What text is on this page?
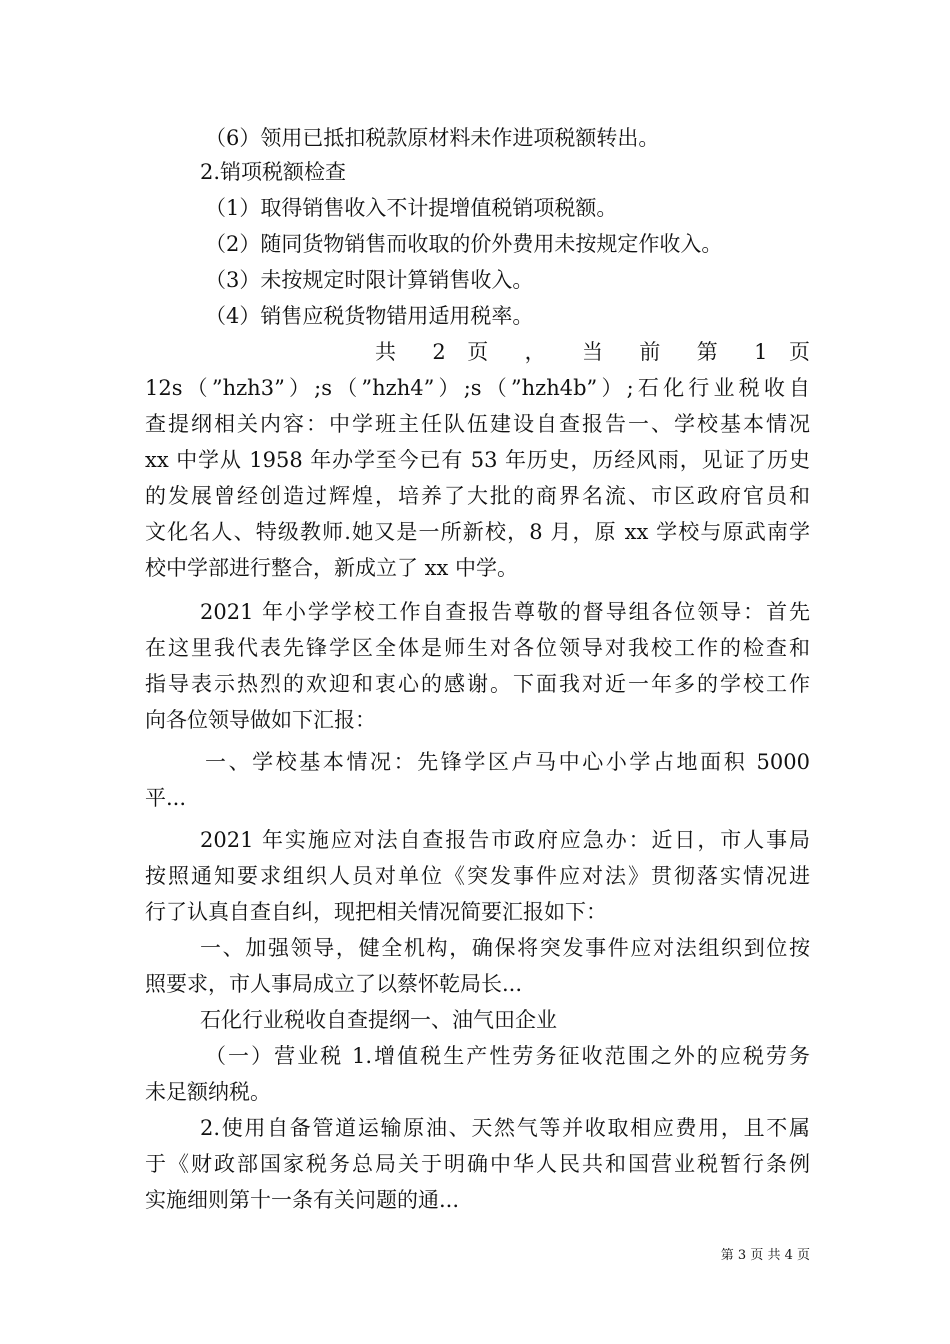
（6）领用已抵扣税款原材料未作进项税额转出。
2.销项税额检查
（1）取得销售收入不计提增值税销项税额。
（2）随同货物销售而收取的价外费用未按规定作收入。
（3）未按规定时限计算销售收入。
（4）销售应税货物错用适用税率。
共 2 页 ， 当 前 第 1 页
12s（”hzh3”）;s（”hzh4”）;s（”hzh4b”）;石化行业税收自
查提纲相关内容：中学班主任队伍建设自查报告一、学校基本情况
xx 中学从 1958 年办学至今已有 53 年历史，历经风雨，见证了历史
的发展曾经创造过辉煌，培养了大批的商界名流、市区政府官员和
文化名人、特级教师.她又是一所新校，8 月，原 xx 学校与原武南学
校中学部进行整合，新成立了 xx 中学。
2021 年小学学校工作自查报告尊敬的督导组各位领导：首先
在这里我代表先锋学区全体是师生对各位领导对我校工作的检查和
指导表示热烈的欢迎和衷心的感谢。下面我对近一年多的学校工作
向各位领导做如下汇报：
一、学校基本情况：先锋学区卢马中心小学占地面积 5000
平...
2021 年实施应对法自查报告市政府应急办：近日，市人事局
按照通知要求组织人员对单位《突发事件应对法》贯彻落实情况进
行了认真自查自纠，现把相关情况简要汇报如下：
一、加强领导，健全机构，确保将突发事件应对法组织到位按
照要求，市人事局成立了以蔡怀乾局长...
石化行业税收自查提纲一、油气田企业
（一）营业税 1.增值税生产性劳务征收范围之外的应税劳务
未足额纳税。
2.使用自备管道运输原油、天然气等并收取相应费用，且不属
于《财政部国家税务总局关于明确中华人民共和国营业税暂行条例
实施细则第十一条有关问题的通...
第 3 页 共 4 页
